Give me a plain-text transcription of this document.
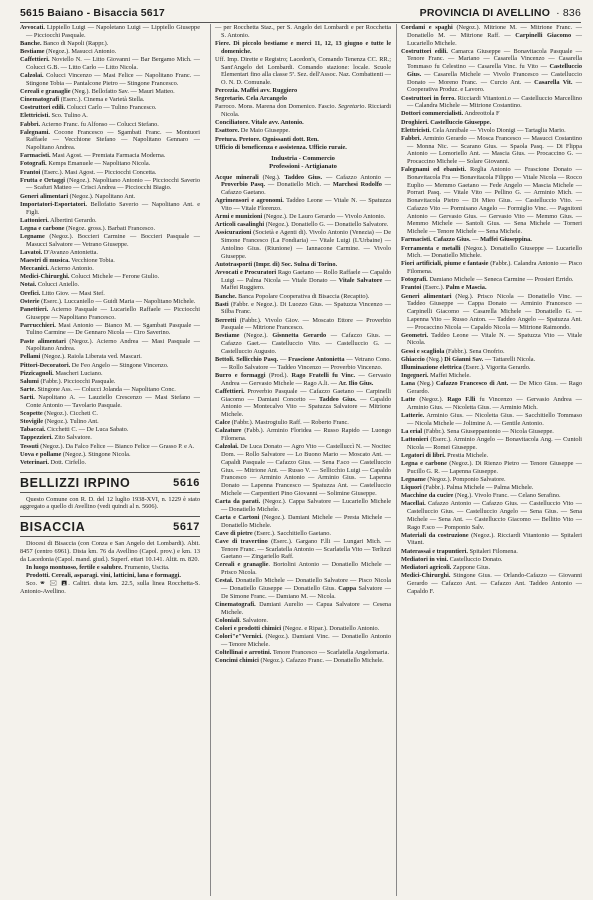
5615 Baiano - Bisaccia 5617	PROVINCIA DI AVELLINO · 836

Avvocati. Lippiello Luigi — Napoletano Luigi — Lippiello Giuseppe — Picciocchi Pasquale.

Banche. Banco di Napoli (Rappr.).

Bestiame (Negoz.). Masucci Antonio.

Caffettieri. Noviello N. — Litto Giovanni — Bar Bergamo Mich. — Colucci G.B. — Litto Carlo — Litto Nicola.

Calzolai. Colucci Vincenzo — Masi Felice — Napolitano Franc. — Stingone Tobia — Pantalcone Pietro — Stingone Francesco.

Cereali e granaglie (Neg.). Bellofatto Sav. — Mauri Matteo.

Cinematografi (Eserc.). Cinema e Varietà Stella.

Costruttori edili. Colucci Carlo — Tulino Francesco.

Elettricisti. Sco. Tulino A.

Fabbri. Acierno Franc. fu Alfonso — Colucci Stefano.

Falegnami. Cocone Francesco — Sgambati Franc. — Montuori Raffaele — Vecchione Stefano — Napolitano Gennaro — Napolitano Andrea.

Farmacisti. Masi Agost. — Premiata Farmacia Moderna.

Fotografi. Kemps Emanuele — Napolitano Nicola.

Frantoi (Eserc.). Masi Agost. — Picciocchi Concetta.

Frutta e Ortaggi (Negoz.). Napolitano Antonio — Picciocchi Saverio — Scafuri Matteo — Crisci Andrea — Picciocchi Biagio.

Generi alimentari (Negoz.). Napolitano Ant.

Importatori-Esportatori. Bellofatto Saverio — Napolitano Ant. e Figli.

Lattonieri. Albertini Gerardo.

Legna e carbone (Negoz. gross.). Barbati Francesco.

Legname (Negoz.). Boccieri Carmine — Boccieri Pasquale — Masucci Salvatore — Vetrano Giuseppe.

Lavatoi. D'Avanzo Antonietta.

Maestri di musica. Vecchione Tobia.

Meccanici. Acierno Antonio.

Medici-Chirurghi. Colucci Michele — Ferone Giulio.

Notai. Colucci Aniello.

Orefici. Litto Giov. — Masi Stef.

Osterie (Eserc.). Luccaniello — Guidi Maria — Napolitano Michele.

Panettieri. Acierno Pasquale — Lucariello Raffaele — Picciocchi Giuseppe — Napolitano Francesco.

Parrucchieri. Masi Antonio — Bianco M. — Sgambati Pasquale — Tulino Carmine — De Gennaro Nicola — Ciro Saverino.

Paste alimentari (Negoz.). Acierno Andrea — Masi Pasquale — Napolitano Andrea.

Pellami (Negoz.). Raiola Liberata ved. Mascari.

Pittori-Decoratori. De Feo Angelo — Stingone Vincenzo.

Pizzicagnoli. Mascheri Luciano.

Salumi (Fabbr.). Picciocchi Pasquale.

Sarte. Stingone Ass. — Colucci Jolanda — Napolitano Conc.

Sarti. Napolitano A. — Lauziello Crescenzo — Masi Stefano — Conte Antonio — Tavolario Pasquale.

Scopette (Negoz.). Ciccheti C.

Stovigile (Negoz.). Tulino Ant.

Tabaccai. Cicchetti C. — De Luca Sabato.

Tappezzieri. Zito Salvatore.

Tessuti (Negoz.). Da Falco Felice — Bianco Felice — Grasso P. e A.

Uova e pollame (Negoz.). Stingone Nicola.

Veterinari. Dott. Cirfello.

BELLIZZI IRPINO	5616

Questo Comune con R. D. del 12 luglio 1938-XVI, n. 1229 è stato aggregato a quello di Avellino (vedi quindi al n. 5606).

BISACCIA	5617

Diocesi di Bisaccia (con Conza e San Angelo dei Lombardi). Abit. 8457 (centro 6961). Dista km. 76 da Avellino (Capol. prov.) e km. 13 da Lacedonia (Capol. mand. giud.). Superf. ettari 10.141. Altit. m. 820.

In luogo montuoso, fertile e salubre. Frumento, Uscita.

Prodotti. Cereali, asparagi. vini, latticini, lana e formaggi.

Sco. 🕿 🖂 🖪. Calitri. dista km. 22.5, sulla linea Rocchetta-S. Antonio-Avellino.

— per Rocchetta Staz., per S. Angelo dei Lombardi e per Rocchetta S. Antonio.

Fiere. Di piccolo bestiame e merci 11, 12, 13 giugno e tutte le domeniche.

Uff. Imp. Dirette e Registro; Lacedon's, Comando Tenenza CC. RR.; Sant'Angelo dei Lombardi. Comando stazione: locale. Scuole Elementari fino alla classe 5ª. Sez. dell'Assoc. Naz. Combattenti — O. N. D. Comunale.

Percezia. Maffei avv. Ruggiero

Segretario. Cela Arcangelo

Parroco. Mons. Marena don Domenico. Fascio. Segretario. Ricciardi Nicola.

Conciliatore. Vitale avv. Antonio.

Esattore. De Maio Giuseppe.

Pretura. Pretore. Ognissanti dott. Ren.

Ufficio di beneficenza e assistenza. Ufficio ruraie.

Industria - Commercio
Professioni - Artigianato

Acque minerali (Neg.). Taddeo Gius. — Cafazzo Antonio — Proverbio Pasq. — Donatiello Mich. — Marchesi Rodolfo — Cafazzo Gaetano.

Agrimensori e agronomi. Taddeo Leone — Vitale N. — Spatuzza Vito — Vitale Florenzo.

Armi e munizioni (Negoz.). De Lauro Gerardo — Vivolo Antonio.

Articoli casalinghi (Negoz.). Donatiello G. — Donatiello Salvatore.

Assicurazioni (Società e Agenti di). Vivolo Antonio (Venezia) — De Simone Francesco (La Fondiaria) — Vitale Luigi (L'Urbaine) — Antolino Gius. (Riunione) — Iannacone Carmine. — Vivolo Giuseppe.

Autotrasporti (Impr. di) Soc. Sulna di Torino.

Avvocati e Procuratori Rago Gaetano — Rollo Raffaele — Capaldo Luigi — Palma Nicola — Vitale Donato — Vitale Salvatore — Maffei Ruggiero.

Banche. Banca Popolare Cooperativa di Bisaccia (Recapito).

Basti (Fabbr. e Negoz.). Di Luozzo Gius. — Spatuzza Vincenzo — Silba Franc.

Berretti (Fabbr.). Vivolo Giov. — Moscato Ettore — Proverbio Pasquale — Mitrione Francesco.

Bestiame (Negoz.). Gisnnetta Gerardo — Cafazzo Gius. — Cafazzo Gaet.— Castelluccio Vito. — Castelluccio G. — Castelluccio Augusto.

Bettoli. Sellicchio Pasq. — Frascione Antonietta — Vetrano Cono. — Rollo Salvatore — Taddeo Vincenzo — Proverbio Vincenzo.

Burro e formaggi (Prod.). Rago Fratelli fu Vinc. — Gervasio Andrea — Gervasio Michele — Rago A.li. — Ar. Ilio Gius.

Caffettieri. Proverbio Pasquale — Cafazzo Gaetano — Carpinelli Giacomo — Damiani Concetto — Taddeo Gius. — Capaldo Antonio — Montecalvo Vito — Spatuzza Salvatore — Mitrione Michele.

Calce (Fabbr.). Mastrogiulio Raff. — Roberto Franc.

Calzature (Fabb.). Arminio Floridea — Russo Rapido — Luongo Filomena.

Calzolai. De Luca Donato — Agro Vito — Castelluccì N. — Nocitec Dom. — Rollo Salvatore — Lo Buono Mario — Moscato Ant. — Capaldi Pasquale — Cafazzo Gius. — Sena F.sco — Castelluccio Gius. — Mitrione Ant. — Russo V. — Sellicchio Luigi — Capaldo Francesco — Arminio Antonio — Arminio Gius. — Lapenna Donato — Lapenna Francesco — Spatuzza Ant. — Castelluccio Michele — Carpentieri Pino Giovanni — Solimine Giuseppe.

Carta da parati. (Negoz.). Cappa Salvatore — Lucariello Michele — Donatiello Michele.

Carta e Cartoni (Negoz.). Damiani Michele — Presta Michele — Donatiello Michele.

Cave di pietre (Eserc.). Sacchitiello Gaetano.

Cave di travertino (Eserc.). Gargano F.lli — Lungari Mich. — Tenore Franc. — Scarlatella Antonio — Scarlatella Vito — Terlizzi Gaetano — Zingariello Raff.

Cereali e granaglie. Bortolini Antonio — Donatiello Michele — Prisco Nicola.

Cestai. Donatiello Michele — Donatiello Salvatore — Pisco Nicola — Donatiello Giuseppe — Donatiello Gius. Cappa Salvatore — De Simone Franc. — Damiano M. — Nicola.

Cinematografi. Damiani Aurelio — Capua Salvatore — Cesena Michele.

Coloniali. Salvatore.

Colori e prodotti chimici (Negoz. e Ripar.). Donatiello Antonio.

Colori"e"Vernici. (Negoz.). Damiani Vinc. — Donatiello Antonio — Tenore Michele.

Coltellinai e arrotini. Tenore Francesco — Scarlatella Angelomaria.

Concimi chimici (Negoz.). Cafazzo Franc. — Donatiello Michele.

Cordami e spaghi (Negoz.). Mitrione M. — Mitrione Franc. — Donatiello M. — Mitrione Raff. — Carpinelli Giacomo — Lucariello Michele.

Costruttori edili. Camarca Giuseppe — Bonavitacola Pasquale — Tenore Franc. — Mariano — Casarella Vincenzo — Casarella Tommaso fu Celestino — Casarella Vinc. fu Vito — Castelluccio Gius. — Casarella Michele — Vivolo Francesco — Castelluccio Donato — Moreno Franc. — Curcio Ant. — Casarella Vit. — Cooperativa Produz. e Lavoro.

Costruttori in ferro. Ricciardi Vitantoni.o — Castelluccio Marcellino — Calandra Michele — Mitrione Costantino.

Dottori commercialisti. Andreottola F

Droghieri. Castelluccio Giuseppe.

Elettricisti. Cela Annibale — Vivolo Dionigi — Tartaglia Mario.

Fabbri. Arminio Gerardo — Mosca Francesco — Masucci Costantino — Monna Nic. — Scarano Gius. — Spaola Pasq. — Di Flippa Antonio — Lomoriello Ant. — Mascia Gius. — Procaccino G. — Procaccino Michele — Solare Giovanni.

Falegnami ed ebanisti. Reglia Antonio — Frascione Donato — Bonavitacola Fra — Bonavitacola Filippo — Vitale Nicola — Rocco Euplio — Memmo Gaetano — Fede Angelo — Mascia Michele — Porrari Pasq. — Vitale Vito — Pellino G. — Arminio Mich. — Bonavitacola Pietro — Di Mieo Gius. — Castelluccio Vito. — Cafazzo Vito — Pormisano Angelo — Formiglio Vinc. — Pagnitoni Antonio — Gervasio Gius. — Gervasio Vito — Memmo Gius. — Memmo Michele — Santoli Gius. — Sena Michele — Torneri Michele — Tenore Michele — Sena Michele.

Farmacisti. Cafazzo Gius. — Maffei Giuseppina.

Ferramenta e metalli (Negoz.). Donatiello Giuseppe — Lucariello Mich. — Donatiello Michele.

Fiori artificiali, piume e fantasie (Fabbr.). Calandra Antonio — Pisco Filomena.

Fotografi. Damiano Michele — Seneca Carmine — Prosieri Errido.

Frantoi (Eserc.). Palm e Mascia.

Generi alimentari (Neg.). Prisco Nicola — Donatiello Vinc. — Taddeo Giuseppe — Cappa Donato — Arminio Francesco — Carpinelli Giacomo — Casarella Michele — Donatiello G. — Lapenna Vito — Russo Anton. — Taddeo Angelo — Spatuzza Ant. — Procaccino Nicola — Capaldo Nicola — Mitrione Raimondo.

Geometri. Taddeo Leone — Vitale N. — Spatuzza Vito — Vitale Nicola.

Gessi e scagliola (Fabbr.). Sena Onofrio.

Ghiaccio (Neg.) Di Gianni Sav. — Tattarelli Nicola.

Illuminazione elettrica (Eserc.). Vigorita Gerardo.

Ingegneri. Maffei Michele.

Lana (Neg.) Cafazzo Francesco di Ant. — De Mico Gius. — Rago Gerardo.

Latte (Negoz.). Rago F.lli fu Vincenzo — Gervasio Andrea — Arminio Gius. — Nicoletta Gius. — Arminio Mich.

Latterie. Arminio Gius. — Nicoletta Gius. — Sacchitiello Tommaso — Nicola Michele — Jolimine A. — Gentile Antonio.

La erial (Fabbr.). Sena Giuseppantonio — Nicola Giuseppe.

Lattonieri (Eserc.). Arminio Angelo — Bonavitacola Ang. — Cuntoli Nicola — Romei Giuseppe.

Legatori di libri. Prestia Michele.

Legna e carbone (Negoz.). Di Rienzo Pietro — Tenore Giuseppe — Pucillo G. R. — Lapenna Giuseppe.

Legname (Negoz.). Pomponio Salvatore.

Liquori (Fabbr.). Palma Michele — Palma Michele.

Macchine da cucire (Neg.). Vivolo Franc. — Celano Serafino.

Macellai. Cafazzo Antonio — Cafazzo Gius. — Castelluccio Vito — Castelluccio Gius. — Castelluccio Angelo — Sena Gius. — Sena Michele — Sena Ant. — Castelluccio Giacomo — Bellitto Vito — Rago F.sco — Pomponio Salv.

Materiali da costruzione (Negoz.). Ricciardi Vitantonio — Spitaleri Vitant.

Materassai e trapuntieri. Spitaleri Filomena.

Mediatori in vini. Castelluccio Donato.

Mediatori agricoli. Zappone Gius.

Medici-Chirurghi. Stingone Gius. — Orlando-Cafazzo — Giovanni Gerardo — Cafazzo Ant. — Cafazzo Ant. Taddeo Antonio — Capaldo F.
